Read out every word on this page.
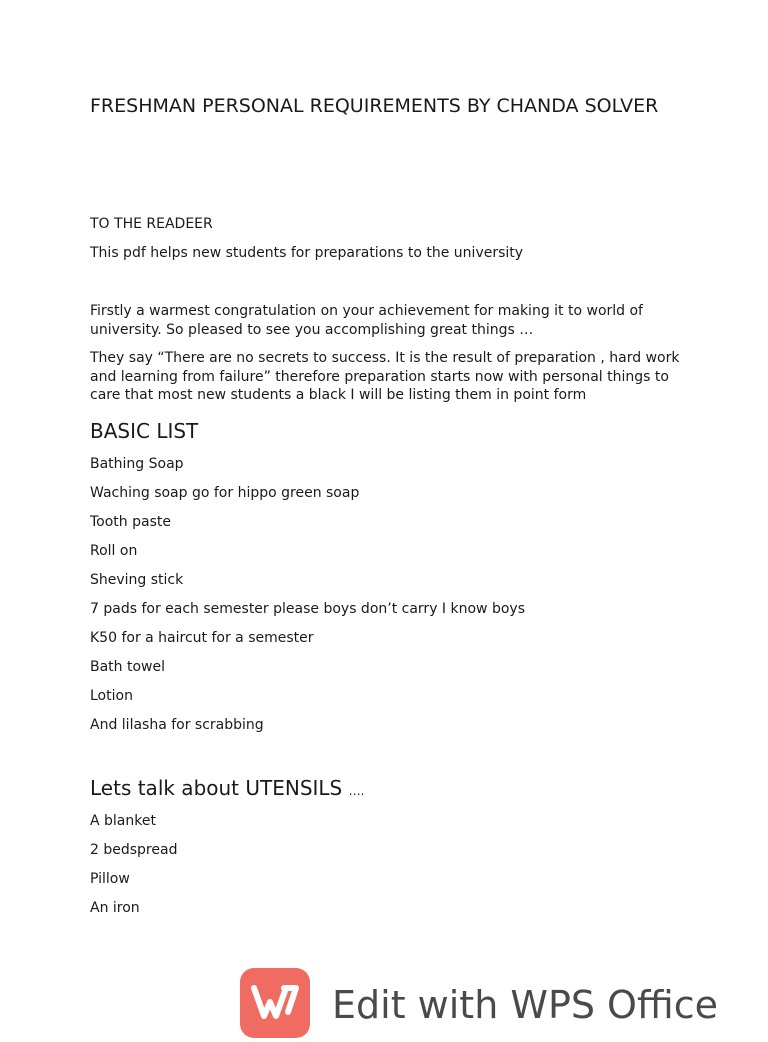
FRESHMAN PERSONAL REQUIREMENTS BY CHANDA SOLVER

TO THE READEER

This pdf helps new students for preparations to the university

Firstly a warmest congratulation on your achievement for making it to world of university. So pleased to see you accomplishing great things …

They say “There are no secrets to success. It is the result of preparation , hard work and learning from failure” therefore preparation starts now with personal things to care that most new students a black I will be listing them in point form

BASIC LIST

Bathing Soap

Waching soap go for hippo green soap

Tooth paste

Roll on

Sheving stick

7 pads for each semester please boys don’t carry I know boys

K50 for a haircut for a semester

Bath towel

Lotion

And lilasha for scrabbing

Lets talk about UTENSILS ….

A blanket

2 bedspread

Pillow

An iron

Edit with WPS Office
